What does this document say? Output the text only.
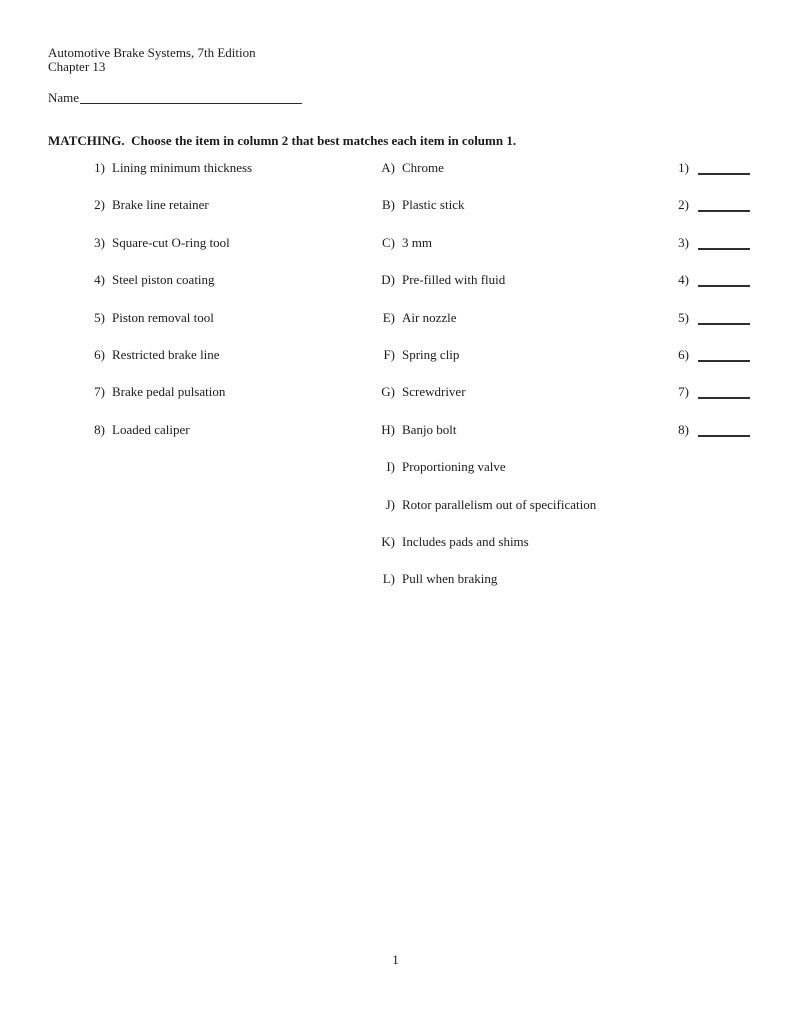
Automotive Brake Systems, 7th Edition
Chapter 13
Name
MATCHING.  Choose the item in column 2 that best matches each item in column 1.
1) Lining minimum thickness	A) Chrome	1)
2) Brake line retainer	B) Plastic stick	2)
3) Square-cut O-ring tool	C) 3 mm	3)
4) Steel piston coating	D) Pre-filled with fluid	4)
5) Piston removal tool	E) Air nozzle	5)
6) Restricted brake line	F) Spring clip	6)
7) Brake pedal pulsation	G) Screwdriver	7)
8) Loaded caliper	H) Banjo bolt	8)
I) Proportioning valve
J) Rotor parallelism out of specification
K) Includes pads and shims
L) Pull when braking
1
